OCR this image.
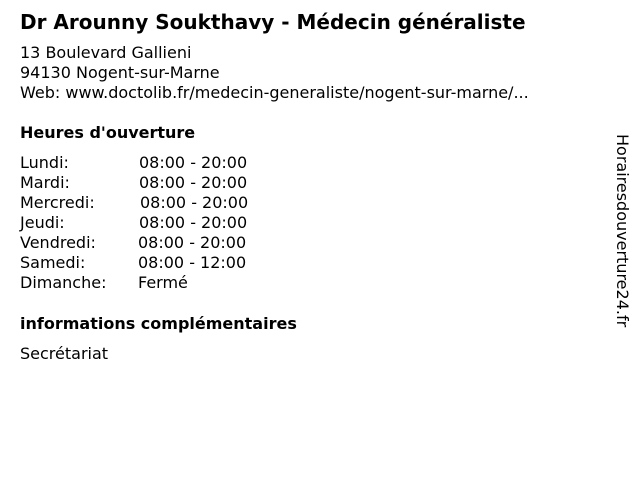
Dr Arounny Soukthavy - Médecin généraliste
13 Boulevard Gallieni
94130 Nogent-sur-Marne
Web: www.doctolib.fr/medecin-generaliste/nogent-sur-marne/...
Heures d'ouverture
Lundi:	08:00 - 20:00
Mardi:	08:00 - 20:00
Mercredi:	08:00 - 20:00
Jeudi:	08:00 - 20:00
Vendredi:	08:00 - 20:00
Samedi:	08:00 - 12:00
Dimanche: Fermé
informations complémentaires
Secrétariat
Horairesdouverture24.fr
